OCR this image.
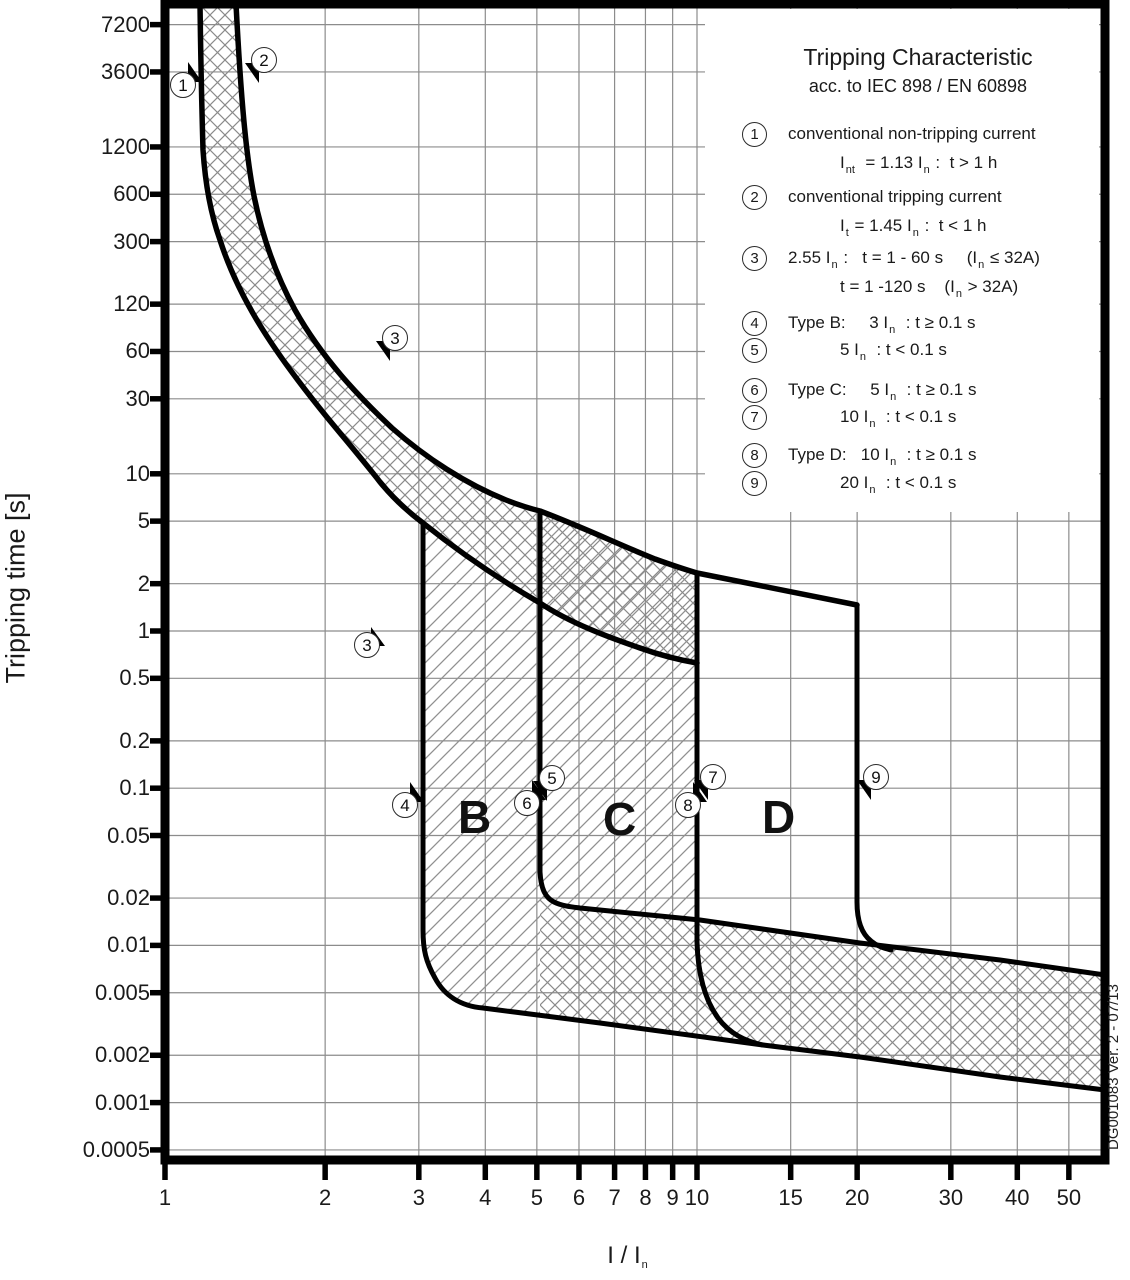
7200
3600
1200
600
300
120
60
30
10
5
2
1
0.5
0.2
0.1
0.05
0.02
0.01
0.005
0.002
0.001
0.0005
1	2	3	4	5	6	7 8 9 10	15	20	30	40	50
Tripping time [s]
I / $I_n$
Tripping Characteristic
acc. to IEC 898 / EN 60898
1	conventional non-tripping current
$I_{nt} = 1.13$ $I_n$ :  t > 1 h
2	conventional tripping current
$I_t = 1.45$ $I_n$ :  t < 1 h
3	2.55 $I_n$ :   t = 1 - 60 s     $(I_n \le 32A)$
t = 1 -120 s    $(I_n > 32A)$
4	Type B:     3 $I_n$  : t ≥ 0.1 s
5	5 $I_n$  : t < 0.1 s
6	Type C:     5 $I_n$  : t ≥ 0.1 s
7	10 $I_n$  : t < 0.1 s
8	Type D:   10 $I_n$  : t ≥ 0.1 s
9	20 $I_n$  : t < 0.1 s
1
2
3
3
4
5
6
7
8
9
B C	D
DG001083 Ver. 2 - 07/13
